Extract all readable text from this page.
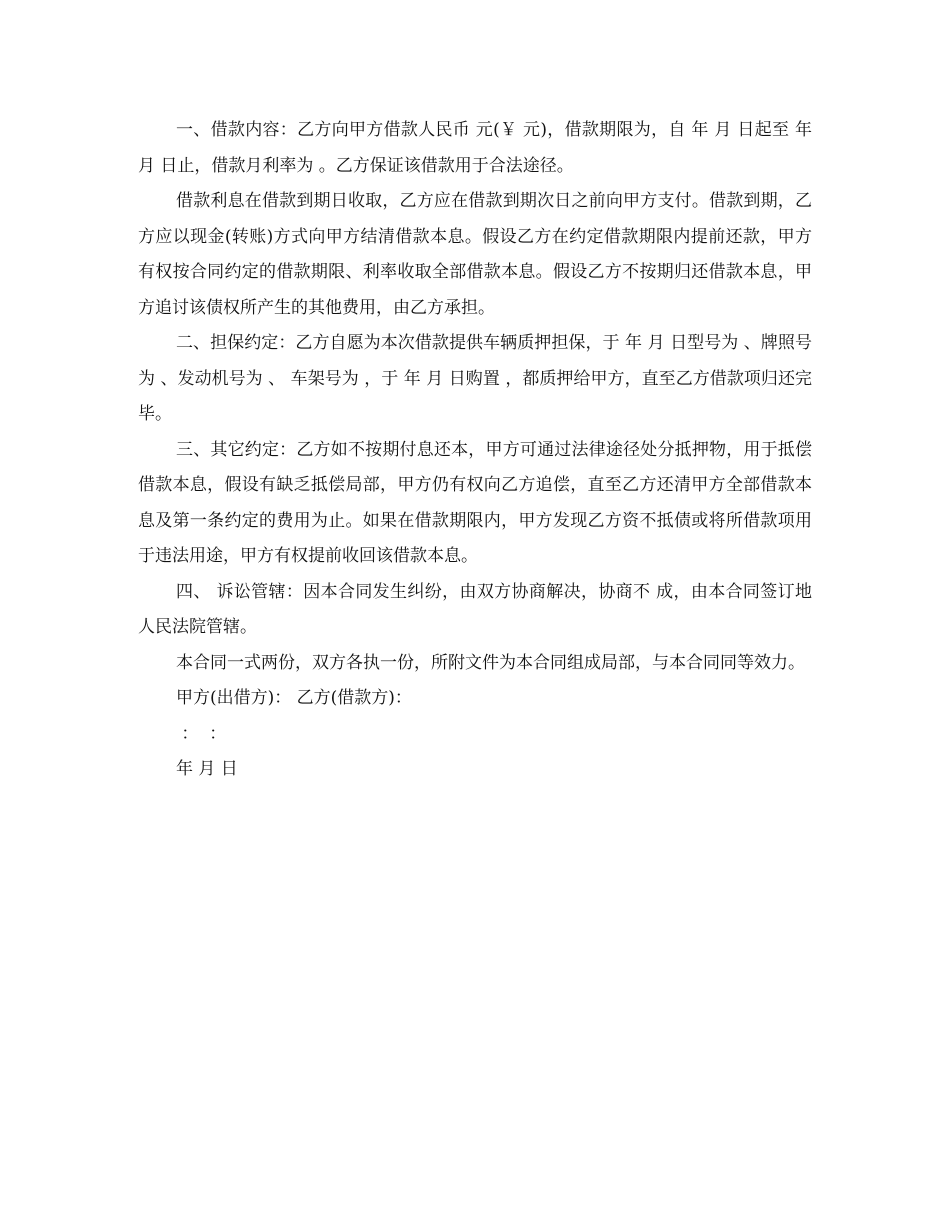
一、借款内容：乙方向甲方借款人民币 元(￥ 元)，借款期限为，自 年 月 日起至 年 月 日止，借款月利率为 。乙方保证该借款用于合法途径。

借款利息在借款到期日收取，乙方应在借款到期次日之前向甲方支付。借款到期，乙方应以现金(转账)方式向甲方结清借款本息。假设乙方在约定借款期限内提前还款，甲方有权按合同约定的借款期限、利率收取全部借款本息。假设乙方不按期归还借款本息，甲方追讨该债权所产生的其他费用，由乙方承担。

二、担保约定：乙方自愿为本次借款提供车辆质押担保，于 年 月 日型号为 、牌照号为 、发动机号为 、 车架号为 ，于 年 月 日购置 ，都质押给甲方，直至乙方借款项归还完毕。

三、其它约定：乙方如不按期付息还本，甲方可通过法律途径处分抵押物，用于抵偿借款本息，假设有缺乏抵偿局部，甲方仍有权向乙方追偿，直至乙方还清甲方全部借款本息及第一条约定的费用为止。如果在借款期限内，甲方发现乙方资不抵债或将所借款项用于违法用途，甲方有权提前收回该借款本息。

四、 诉讼管辖：因本合同发生纠纷，由双方协商解决，协商不 成，由本合同签订地人民法院管辖。

本合同一式两份，双方各执一份，所附文件为本合同组成局部，与本合同同等效力。

甲方(出借方)： 乙方(借款方)：

：  ：

年 月 日
